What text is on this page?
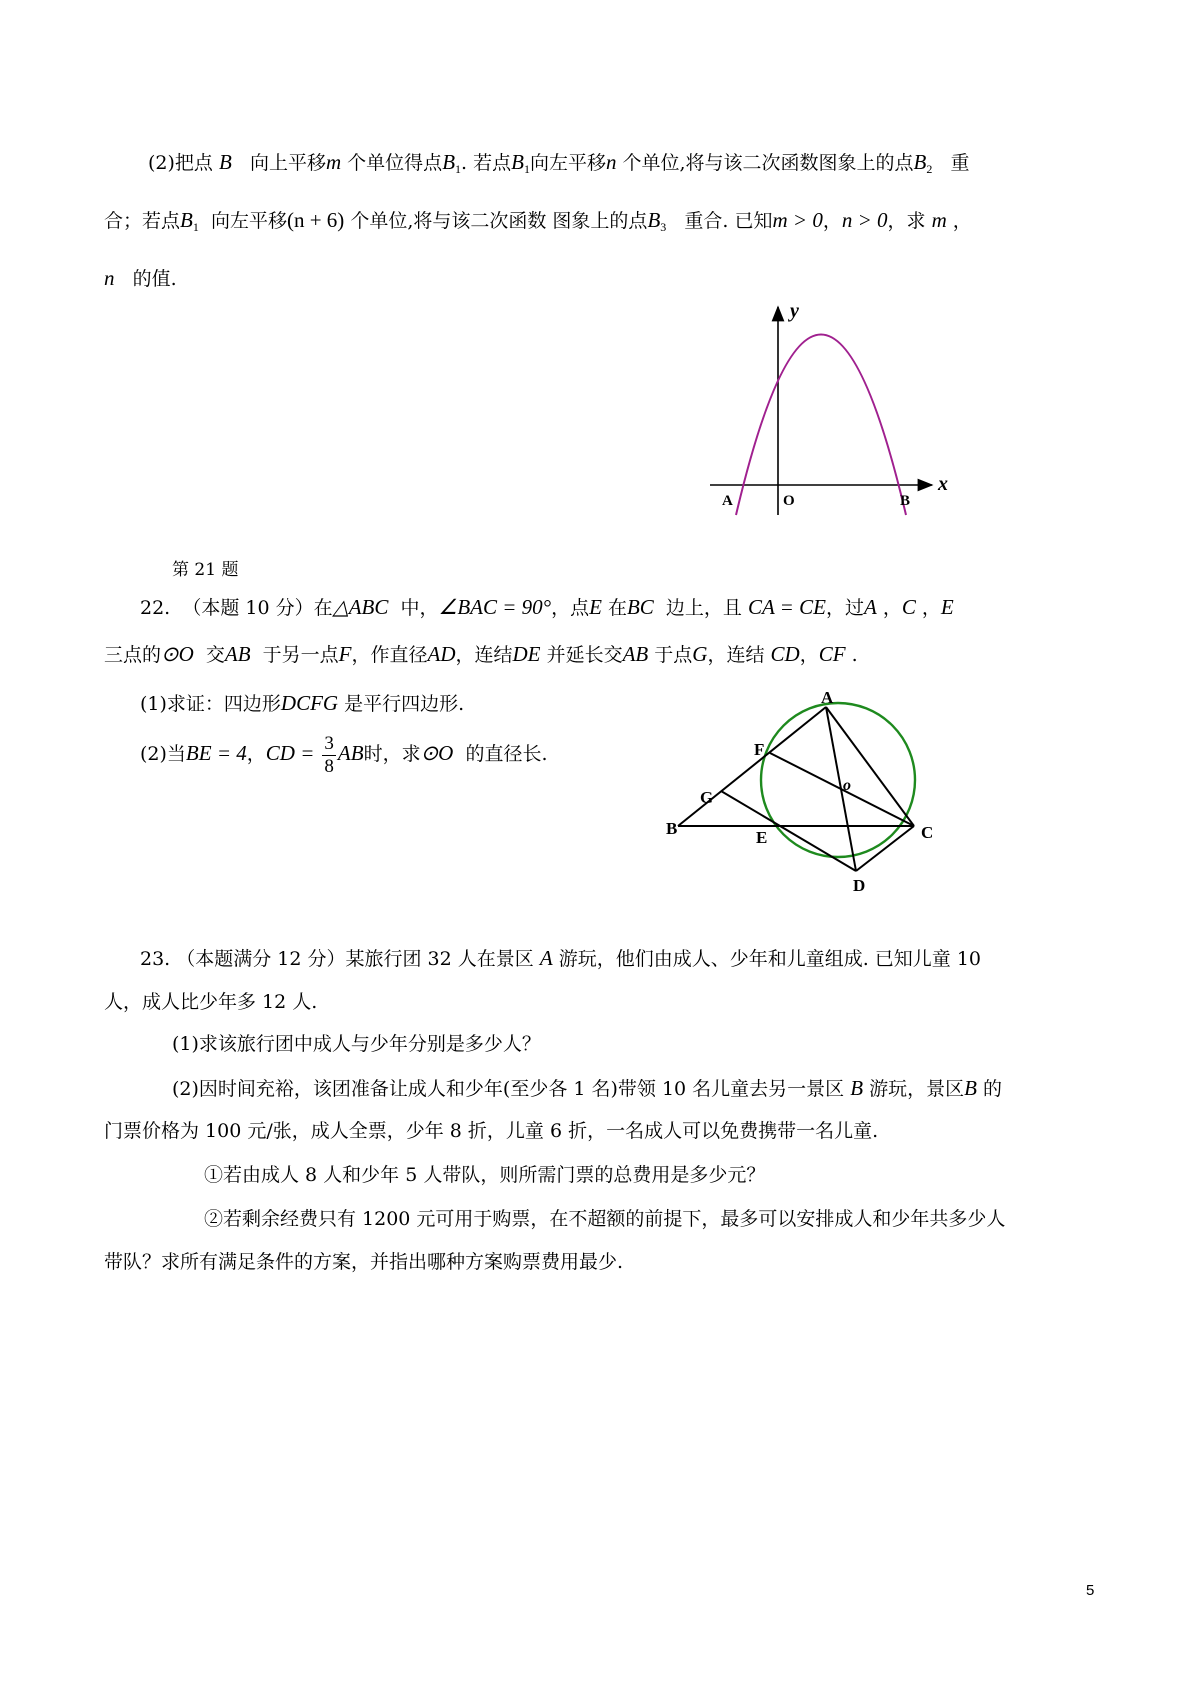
(2)把点 B 向上平移m 个单位得点$B_1$. 若点$B_1$向左平移n 个单位,将与该二次函数图象上的点$B_2$ 重
合；若点$B_1$ 向左平移(n + 6) 个单位,将与该二次函数 图象上的点$B_3$ 重合. 已知m > 0，n > 0，求 m ，
n 的值.
y
x
A	O	B
第 21 题
22. （本题 10 分）在△ABC 中，∠BAC = 90°，点E 在BC 边上，且 CA = CE，过A ，C ，E
三点的⊙O 交AB 于另一点F，作直径AD，连结DE 并延长交AB 于点G，连结 CD，CF .
(1)求证：四边形DCFG 是平行四边形.
(2)当BE = 4，CD = $\frac{3}{8}$ AB时，求⊙O 的直径长.
A
F
o
G
B	E	C
D
23. （本题满分 12 分）某旅行团 32 人在景区 A 游玩，他们由成人、少年和儿童组成. 已知儿童 10
人，成人比少年多 12 人.
(1)求该旅行团中成人与少年分别是多少人？
(2)因时间充裕，该团准备让成人和少年(至少各 1 名)带领 10 名儿童去另一景区 B 游玩，景区B 的
门票价格为 100 元/张，成人全票，少年 8 折，儿童 6 折，一名成人可以免费携带一名儿童.
①若由成人 8 人和少年 5 人带队，则所需门票的总费用是多少元？
②若剩余经费只有 1200 元可用于购票，在不超额的前提下，最多可以安排成人和少年共多少人
带队？求所有满足条件的方案，并指出哪种方案购票费用最少.
5
